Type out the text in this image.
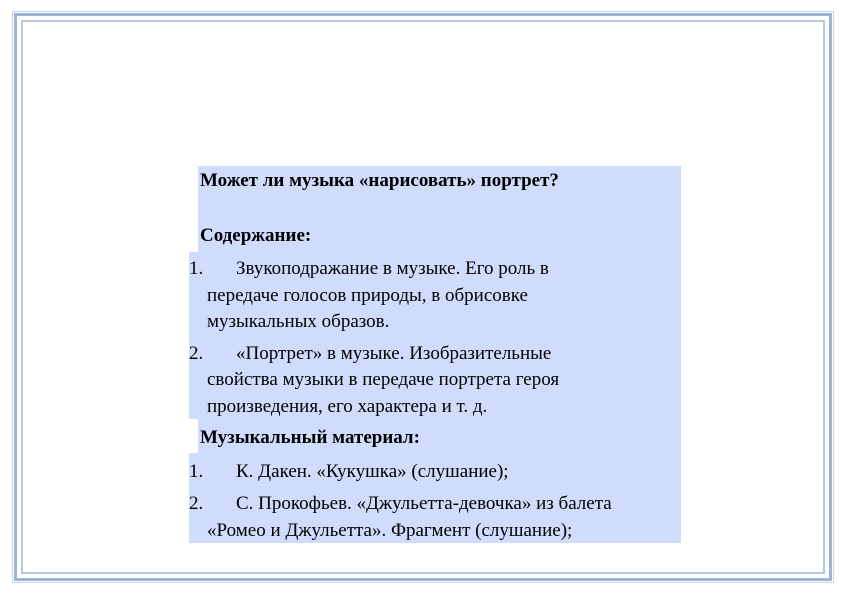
Может ли музыка «нарисовать» портрет?
Содержание:
1. Звукоподражание в музыке. Его роль в
передаче голосов природы, в обрисовке
музыкальных образов.
2. «Портрет» в музыке. Изобразительные
свойства музыки в передаче портрета героя
произведения, его характера и т. д.
Музыкальный материал:
1. К. Дакен. «Кукушка» (слушание);
2. С. Прокофьев. «Джульетта-девочка» из балета
«Ромео и Джульетта». Фрагмент (слушание);
